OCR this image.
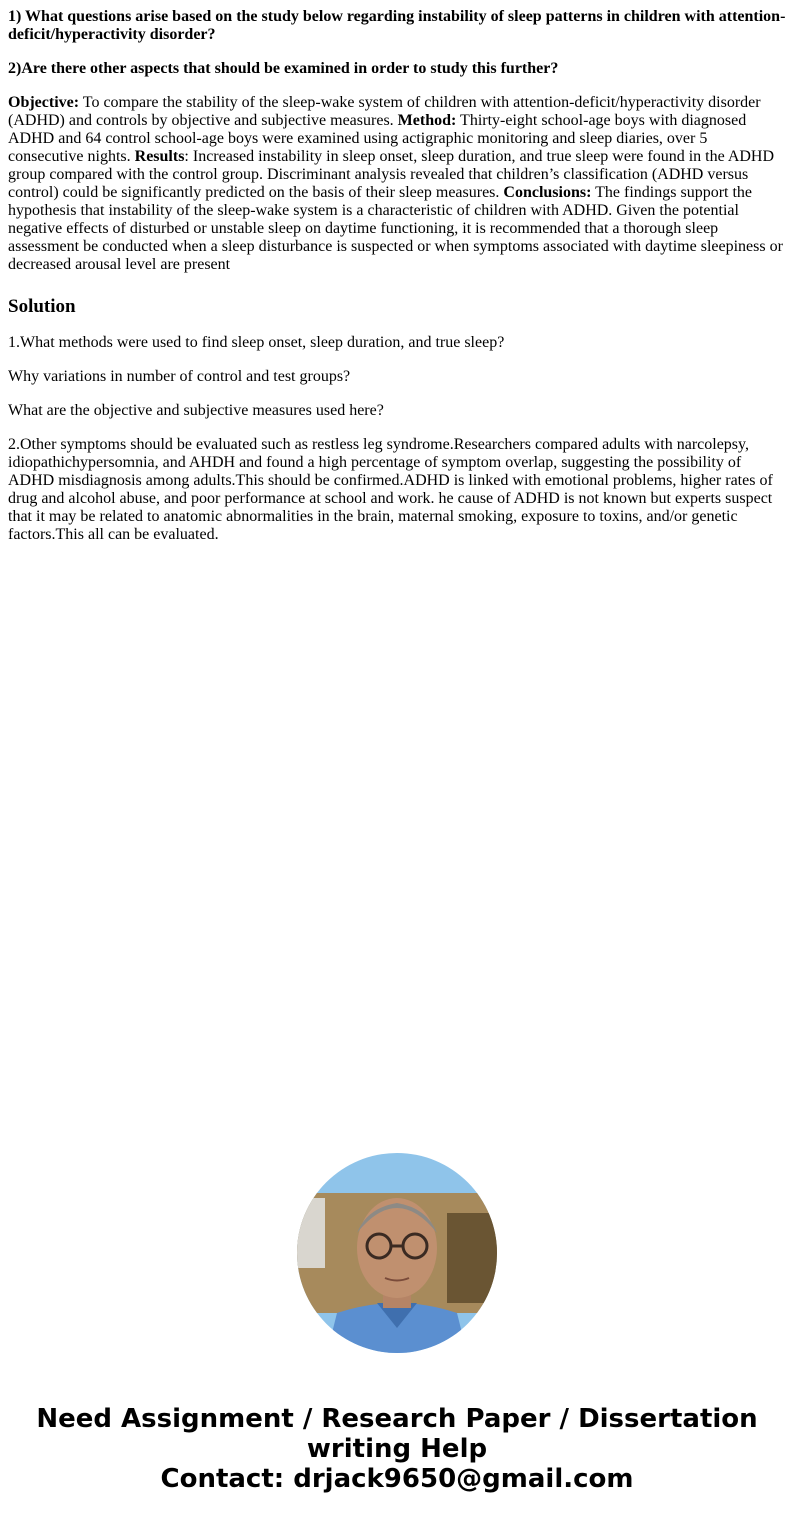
1) What questions arise based on the study below regarding instability of sleep patterns in children with attention-deficit/hyperactivity disorder?

2)Are there other aspects that should be examined in order to study this further?

Objective: To compare the stability of the sleep-wake system of children with attention-deficit/hyperactivity disorder (ADHD) and controls by objective and subjective measures. Method: Thirty-eight school-age boys with diagnosed ADHD and 64 control school-age boys were examined using actigraphic monitoring and sleep diaries, over 5 consecutive nights. Results: Increased instability in sleep onset, sleep duration, and true sleep were found in the ADHD group compared with the control group. Discriminant analysis revealed that children’s classification (ADHD versus control) could be significantly predicted on the basis of their sleep measures. Conclusions: The findings support the hypothesis that instability of the sleep-wake system is a characteristic of children with ADHD. Given the potential negative effects of disturbed or unstable sleep on daytime functioning, it is recommended that a thorough sleep assessment be conducted when a sleep disturbance is suspected or when symptoms associated with daytime sleepiness or decreased arousal level are present

Solution

1.What methods were used to find sleep onset, sleep duration, and true sleep?

Why variations in number of control and test groups?

What are the objective and subjective measures used here?

2.Other symptoms should be evaluated such as restless leg syndrome.Researchers compared adults with narcolepsy, idiopathichypersomnia, and AHDH and found a high percentage of symptom overlap, suggesting the possibility of ADHD misdiagnosis among adults.This should be confirmed.ADHD is linked with emotional problems, higher rates of drug and alcohol abuse, and poor performance at school and work. he cause of ADHD is not known but experts suspect that it may be related to anatomic abnormalities in the brain, maternal smoking, exposure to toxins, and/or genetic factors.This all can be evaluated.

Need Assignment / Research Paper / Dissertation
writing Help
Contact: drjack9650@gmail.com
